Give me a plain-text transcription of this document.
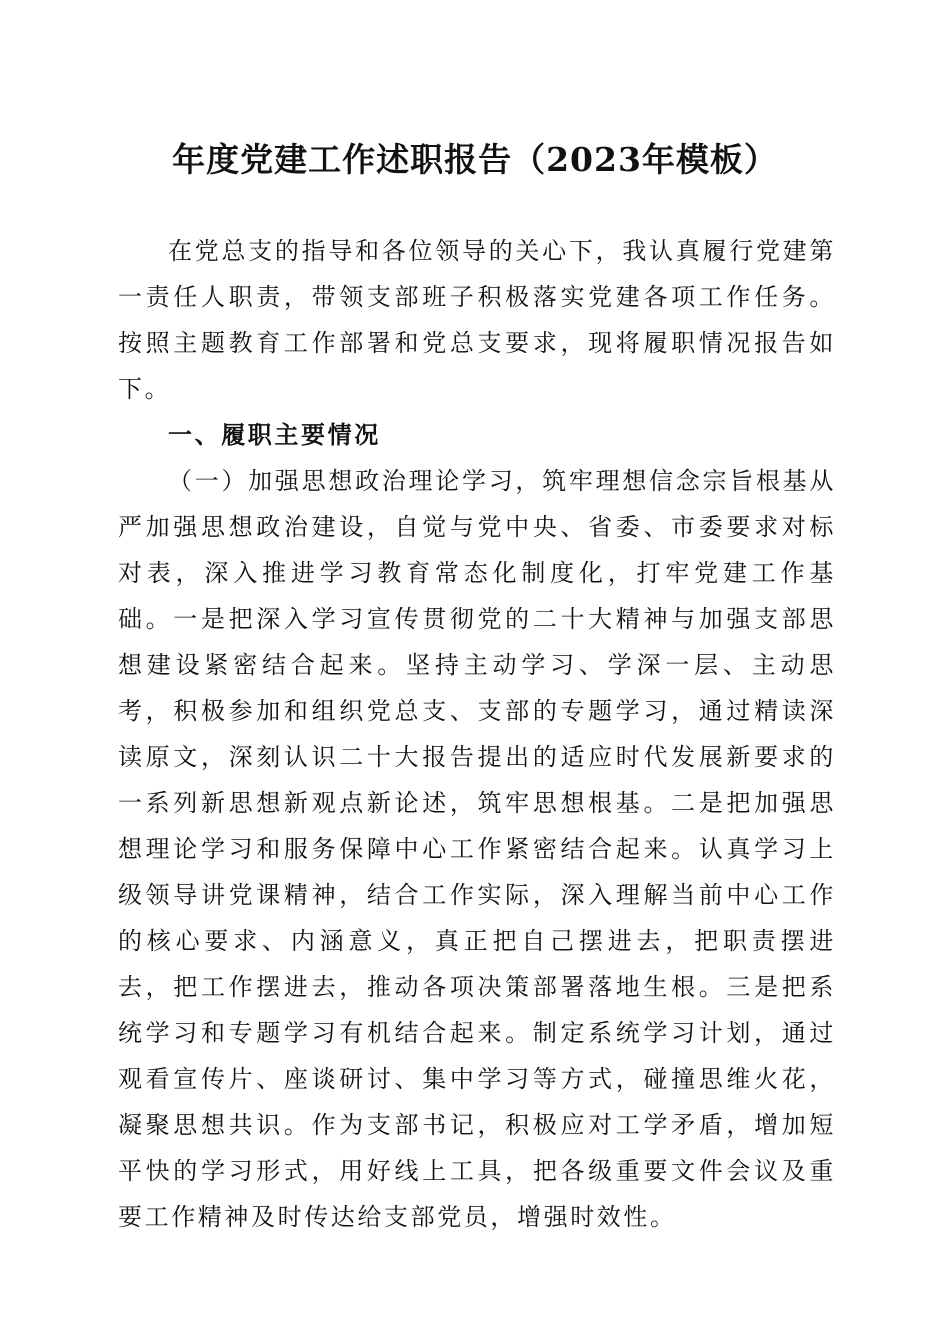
年度党建工作述职报告（2023年模板）

在党总支的指导和各位领导的关心下，我认真履行党建第一责任人职责，带领支部班子积极落实党建各项工作任务。按照主题教育工作部署和党总支要求，现将履职情况报告如下。

一、履职主要情况

（一）加强思想政治理论学习，筑牢理想信念宗旨根基从严加强思想政治建设，自觉与党中央、省委、市委要求对标对表，深入推进学习教育常态化制度化，打牢党建工作基础。一是把深入学习宣传贯彻党的二十大精神与加强支部思想建设紧密结合起来。坚持主动学习、学深一层、主动思考，积极参加和组织党总支、支部的专题学习，通过精读深读原文，深刻认识二十大报告提出的适应时代发展新要求的一系列新思想新观点新论述，筑牢思想根基。二是把加强思想理论学习和服务保障中心工作紧密结合起来。认真学习上级领导讲党课精神，结合工作实际，深入理解当前中心工作的核心要求、内涵意义，真正把自己摆进去，把职责摆进去，把工作摆进去，推动各项决策部署落地生根。三是把系统学习和专题学习有机结合起来。制定系统学习计划，通过观看宣传片、座谈研讨、集中学习等方式，碰撞思维火花，凝聚思想共识。作为支部书记，积极应对工学矛盾，增加短平快的学习形式，用好线上工具，把各级重要文件会议及重要工作精神及时传达给支部党员，增强时效性。
